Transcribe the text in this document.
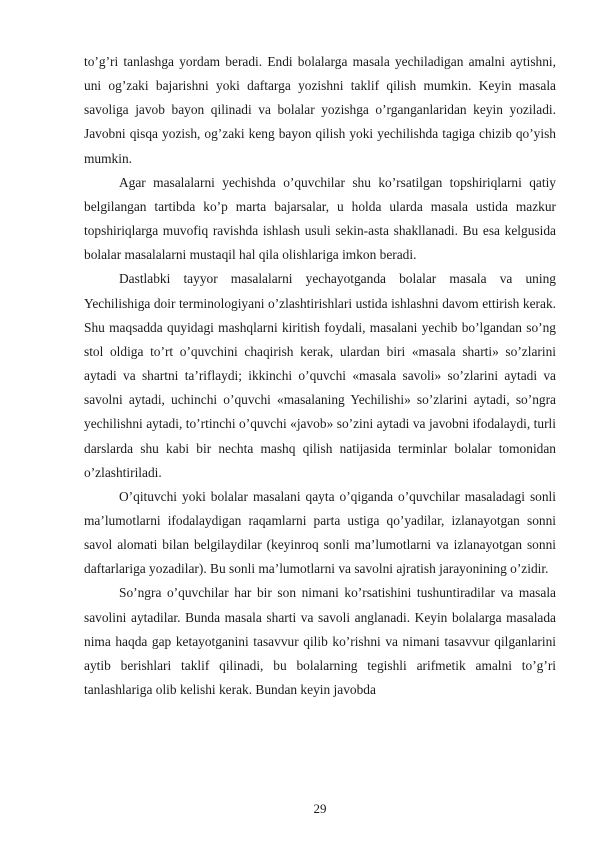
to’g’ri tanlashga yordam beradi. Endi bolalarga masala yechiladigan amalni aytishni, uni og’zaki bajarishni yoki daftarga yozishni taklif qilish mumkin. Keyin masala savoliga javob bayon qilinadi va bolalar yozishga o’rganganlaridan keyin yoziladi. Javobni qisqa yozish, og’zaki keng bayon qilish yoki yechilishda tagiga chizib qo’yish mumkin.

Agar masalalarni yechishda o’quvchilar shu ko’rsatilgan topshiriqlarni qatiy belgilangan tartibda ko’p marta bajarsalar, u holda ularda masala ustida mazkur topshiriqlarga muvofiq ravishda ishlash usuli sekin-asta shakllanadi. Bu esa kelgusida bolalar masalalarni mustaqil hal qila olishlariga imkon beradi.

Dastlabki tayyor masalalarni yechayotganda bolalar masala va uning Yechilishiga doir terminologiyani o’zlashtirishlari ustida ishlashni davom ettirish kerak. Shu maqsadda quyidagi mashqlarni kiritish foydali, masalani yechib bo’lgandan so’ng stol oldiga to’rt o’quvchini chaqirish kerak, ulardan biri «masala sharti» so’zlarini aytadi va shartni ta’riflaydi; ikkinchi o’quvchi «masala savoli» so’zlarini aytadi va savolni aytadi, uchinchi o’quvchi «masalaning Yechilishi» so’zlarini aytadi, so’ngra yechilishni aytadi, to’rtinchi o’quvchi «javob» so’zini aytadi va javobni ifodalaydi, turli darslarda shu kabi bir nechta mashq qilish natijasida terminlar bolalar tomonidan o’zlashtiriladi.

O’qituvchi yoki bolalar masalani qayta o’qiganda o’quvchilar masaladagi sonli ma’lumotlarni ifodalaydigan raqamlarni parta ustiga qo’yadilar, izlanayotgan sonni savol alomati bilan belgilaydilar (keyinroq sonli ma’lumotlarni va izlanayotgan sonni daftarlariga yozadilar). Bu sonli ma’lumotlarni va savolni ajratish jarayonining o’zidir.

So’ngra o’quvchilar har bir son nimani ko’rsatishini tushuntiradilar va masala savolini aytadilar. Bunda masala sharti va savoli anglanadi. Keyin bolalarga masalada nima haqda gap ketayotganini tasavvur qilib ko’rishni va nimani tasavvur qilganlarini aytib berishlari taklif qilinadi, bu bolalarning tegishli arifmetik amalni to’g’ri tanlashlariga olib kelishi kerak. Bundan keyin javobda

29
